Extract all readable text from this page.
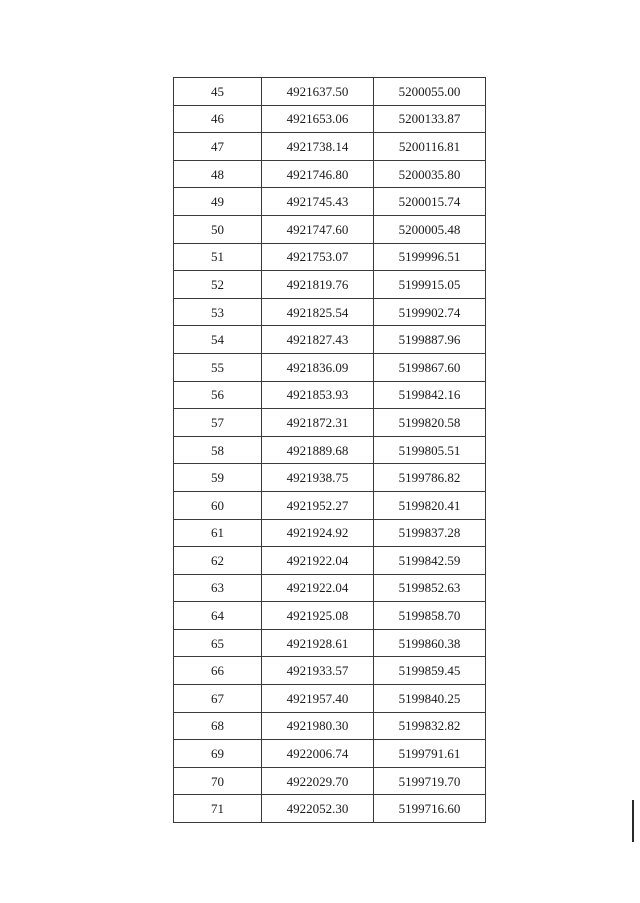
45	4921637.50	5200055.00
46	4921653.06	5200133.87
47	4921738.14	5200116.81
48	4921746.80	5200035.80
49	4921745.43	5200015.74
50	4921747.60	5200005.48
51	4921753.07	5199996.51
52	4921819.76	5199915.05
53	4921825.54	5199902.74
54	4921827.43	5199887.96
55	4921836.09	5199867.60
56	4921853.93	5199842.16
57	4921872.31	5199820.58
58	4921889.68	5199805.51
59	4921938.75	5199786.82
60	4921952.27	5199820.41
61	4921924.92	5199837.28
62	4921922.04	5199842.59
63	4921922.04	5199852.63
64	4921925.08	5199858.70
65	4921928.61	5199860.38
66	4921933.57	5199859.45
67	4921957.40	5199840.25
68	4921980.30	5199832.82
69	4922006.74	5199791.61
70	4922029.70	5199719.70
71	4922052.30	5199716.60
